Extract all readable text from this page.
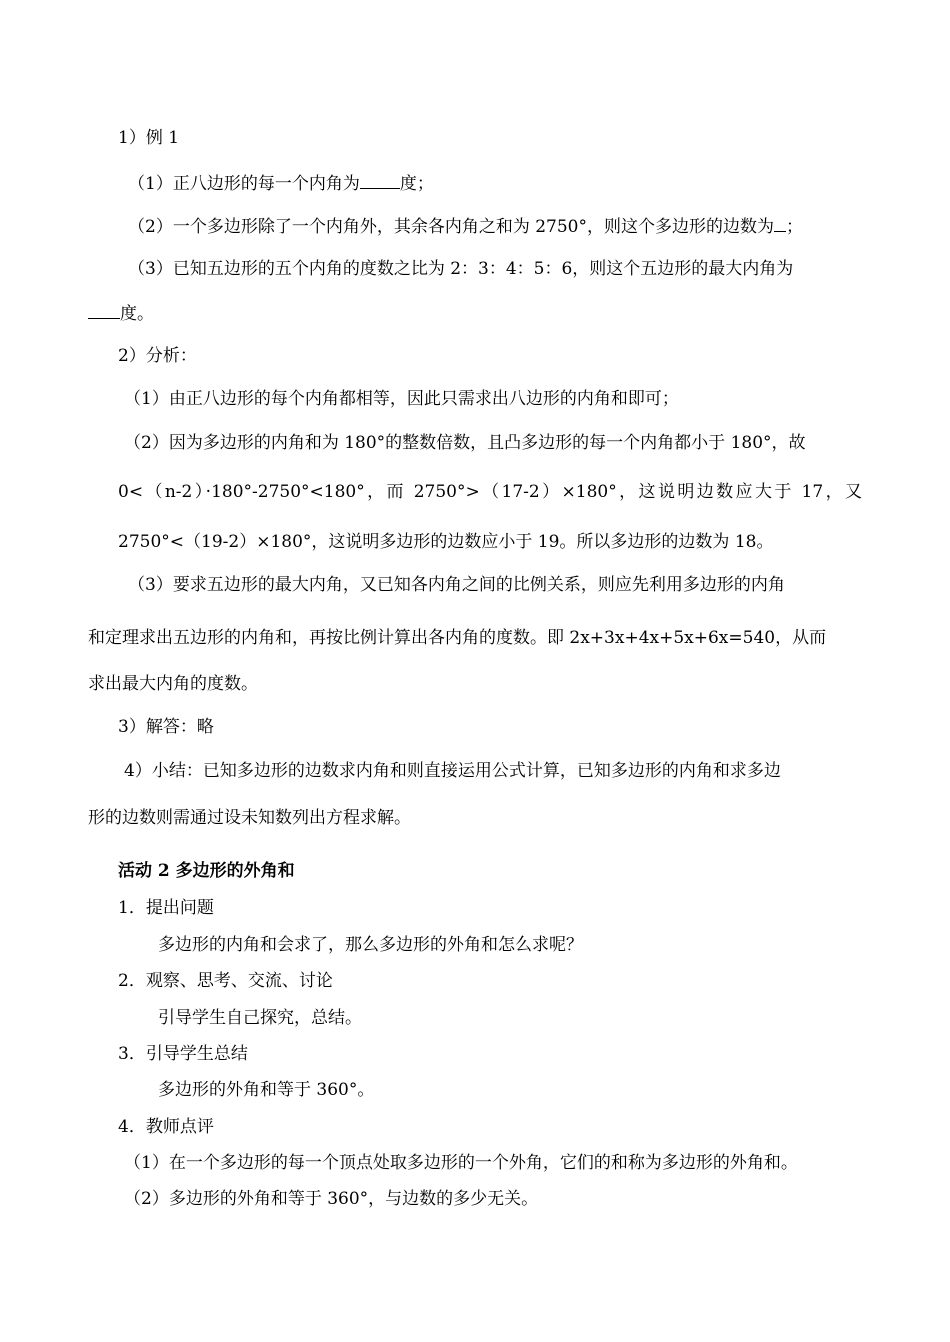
1）例 1
（1）正八边形的每一个内角为 度；
（2）一个多边形除了一个内角外，其余各内角之和为 2750°，则这个多边形的边数为 ；
（3）已知五边形的五个内角的度数之比为 2：3：4：5：6，则这个五边形的最大内角为
度。
2）分析：
（1）由正八边形的每个内角都相等，因此只需求出八边形的内角和即可；
（2）因为多边形的内角和为 180°的整数倍数，且凸多边形的每一个内角都小于 180°，故
0<（n-2）·180°-2750°<180°，而 2750°>（17-2）×180°，这说明边数应大于 17，又
2750°<（19-2）×180°，这说明多边形的边数应小于 19。所以多边形的边数为 18。
（3）要求五边形的最大内角，又已知各内角之间的比例关系，则应先利用多边形的内角
和定理求出五边形的内角和，再按比例计算出各内角的度数。即 2x+3x+4x+5x+6x=540，从而
求出最大内角的度数。
3）解答：略
4）小结：已知多边形的边数求内角和则直接运用公式计算，已知多边形的内角和求多边
形的边数则需通过设未知数列出方程求解。
活动 2 多边形的外角和
1．提出问题
多边形的内角和会求了，那么多边形的外角和怎么求呢？
2．观察、思考、交流、讨论
引导学生自己探究，总结。
3．引导学生总结
多边形的外角和等于 360°。
4．教师点评
（1）在一个多边形的每一个顶点处取多边形的一个外角，它们的和称为多边形的外角和。
（2）多边形的外角和等于 360°，与边数的多少无关。
